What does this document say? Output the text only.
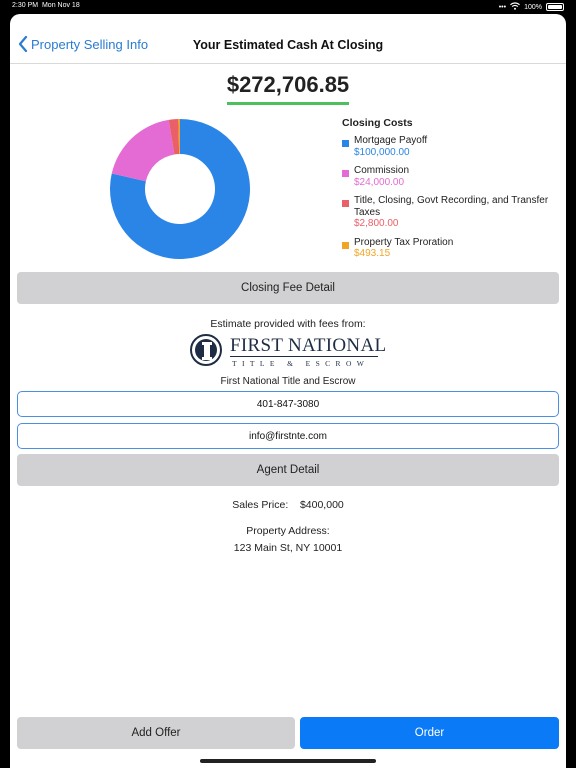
2:30 PM Mon Nov 18	•••	100%
Property Selling Info	Your Estimated Cash At Closing
$272,706.85
Closing Costs
Mortgage Payoff
$100,000.00
Commission
$24,000.00
Title, Closing, Govt Recording, and Transfer Taxes
$2,800.00
Property Tax Proration
$493.15
Closing Fee Detail
Estimate provided with fees from:
FIRST NATIONAL
TITLE & ESCROW
First National Title and Escrow
401-847-3080
info@firstnte.com
Agent Detail
Sales Price: $400,000
Property Address:
123 Main St, NY 10001
Add Offer	Order
